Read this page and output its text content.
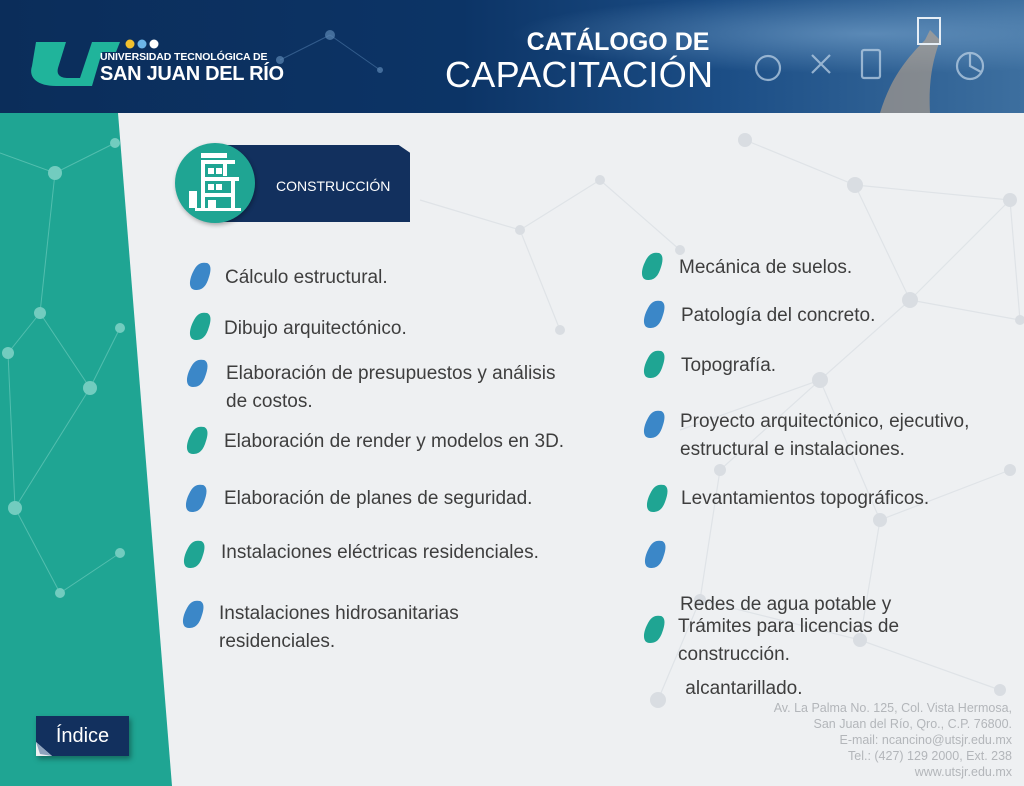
UNIVERSIDAD TECNOLÓGICA DE
SAN JUAN DEL RÍO
CATÁLOGO DE
CAPACITACIÓN
CONSTRUCCIÓN
Cálculo estructural.
Dibujo arquitectónico.
Elaboración de presupuestos y análisis
de costos.
Elaboración de render y modelos en 3D.
Elaboración de planes de seguridad.
Instalaciones eléctricas residenciales.
Instalaciones hidrosanitarias
residenciales.
Mecánica de suelos.
Patología del concreto.
Topografía.
Proyecto arquitectónico, ejecutivo,
estructural e instalaciones.
Levantamientos topográficos.

Redes de agua potable y

alcantarillado.

Trámites para licencias de
construcción.
Av. La Palma No. 125, Col. Vista Hermosa,
San Juan del Río, Qro., C.P. 76800.
E-mail: ncancino@utsjr.edu.mx
Tel.: (427) 129 2000, Ext. 238
www.utsjr.edu.mx
Índice
